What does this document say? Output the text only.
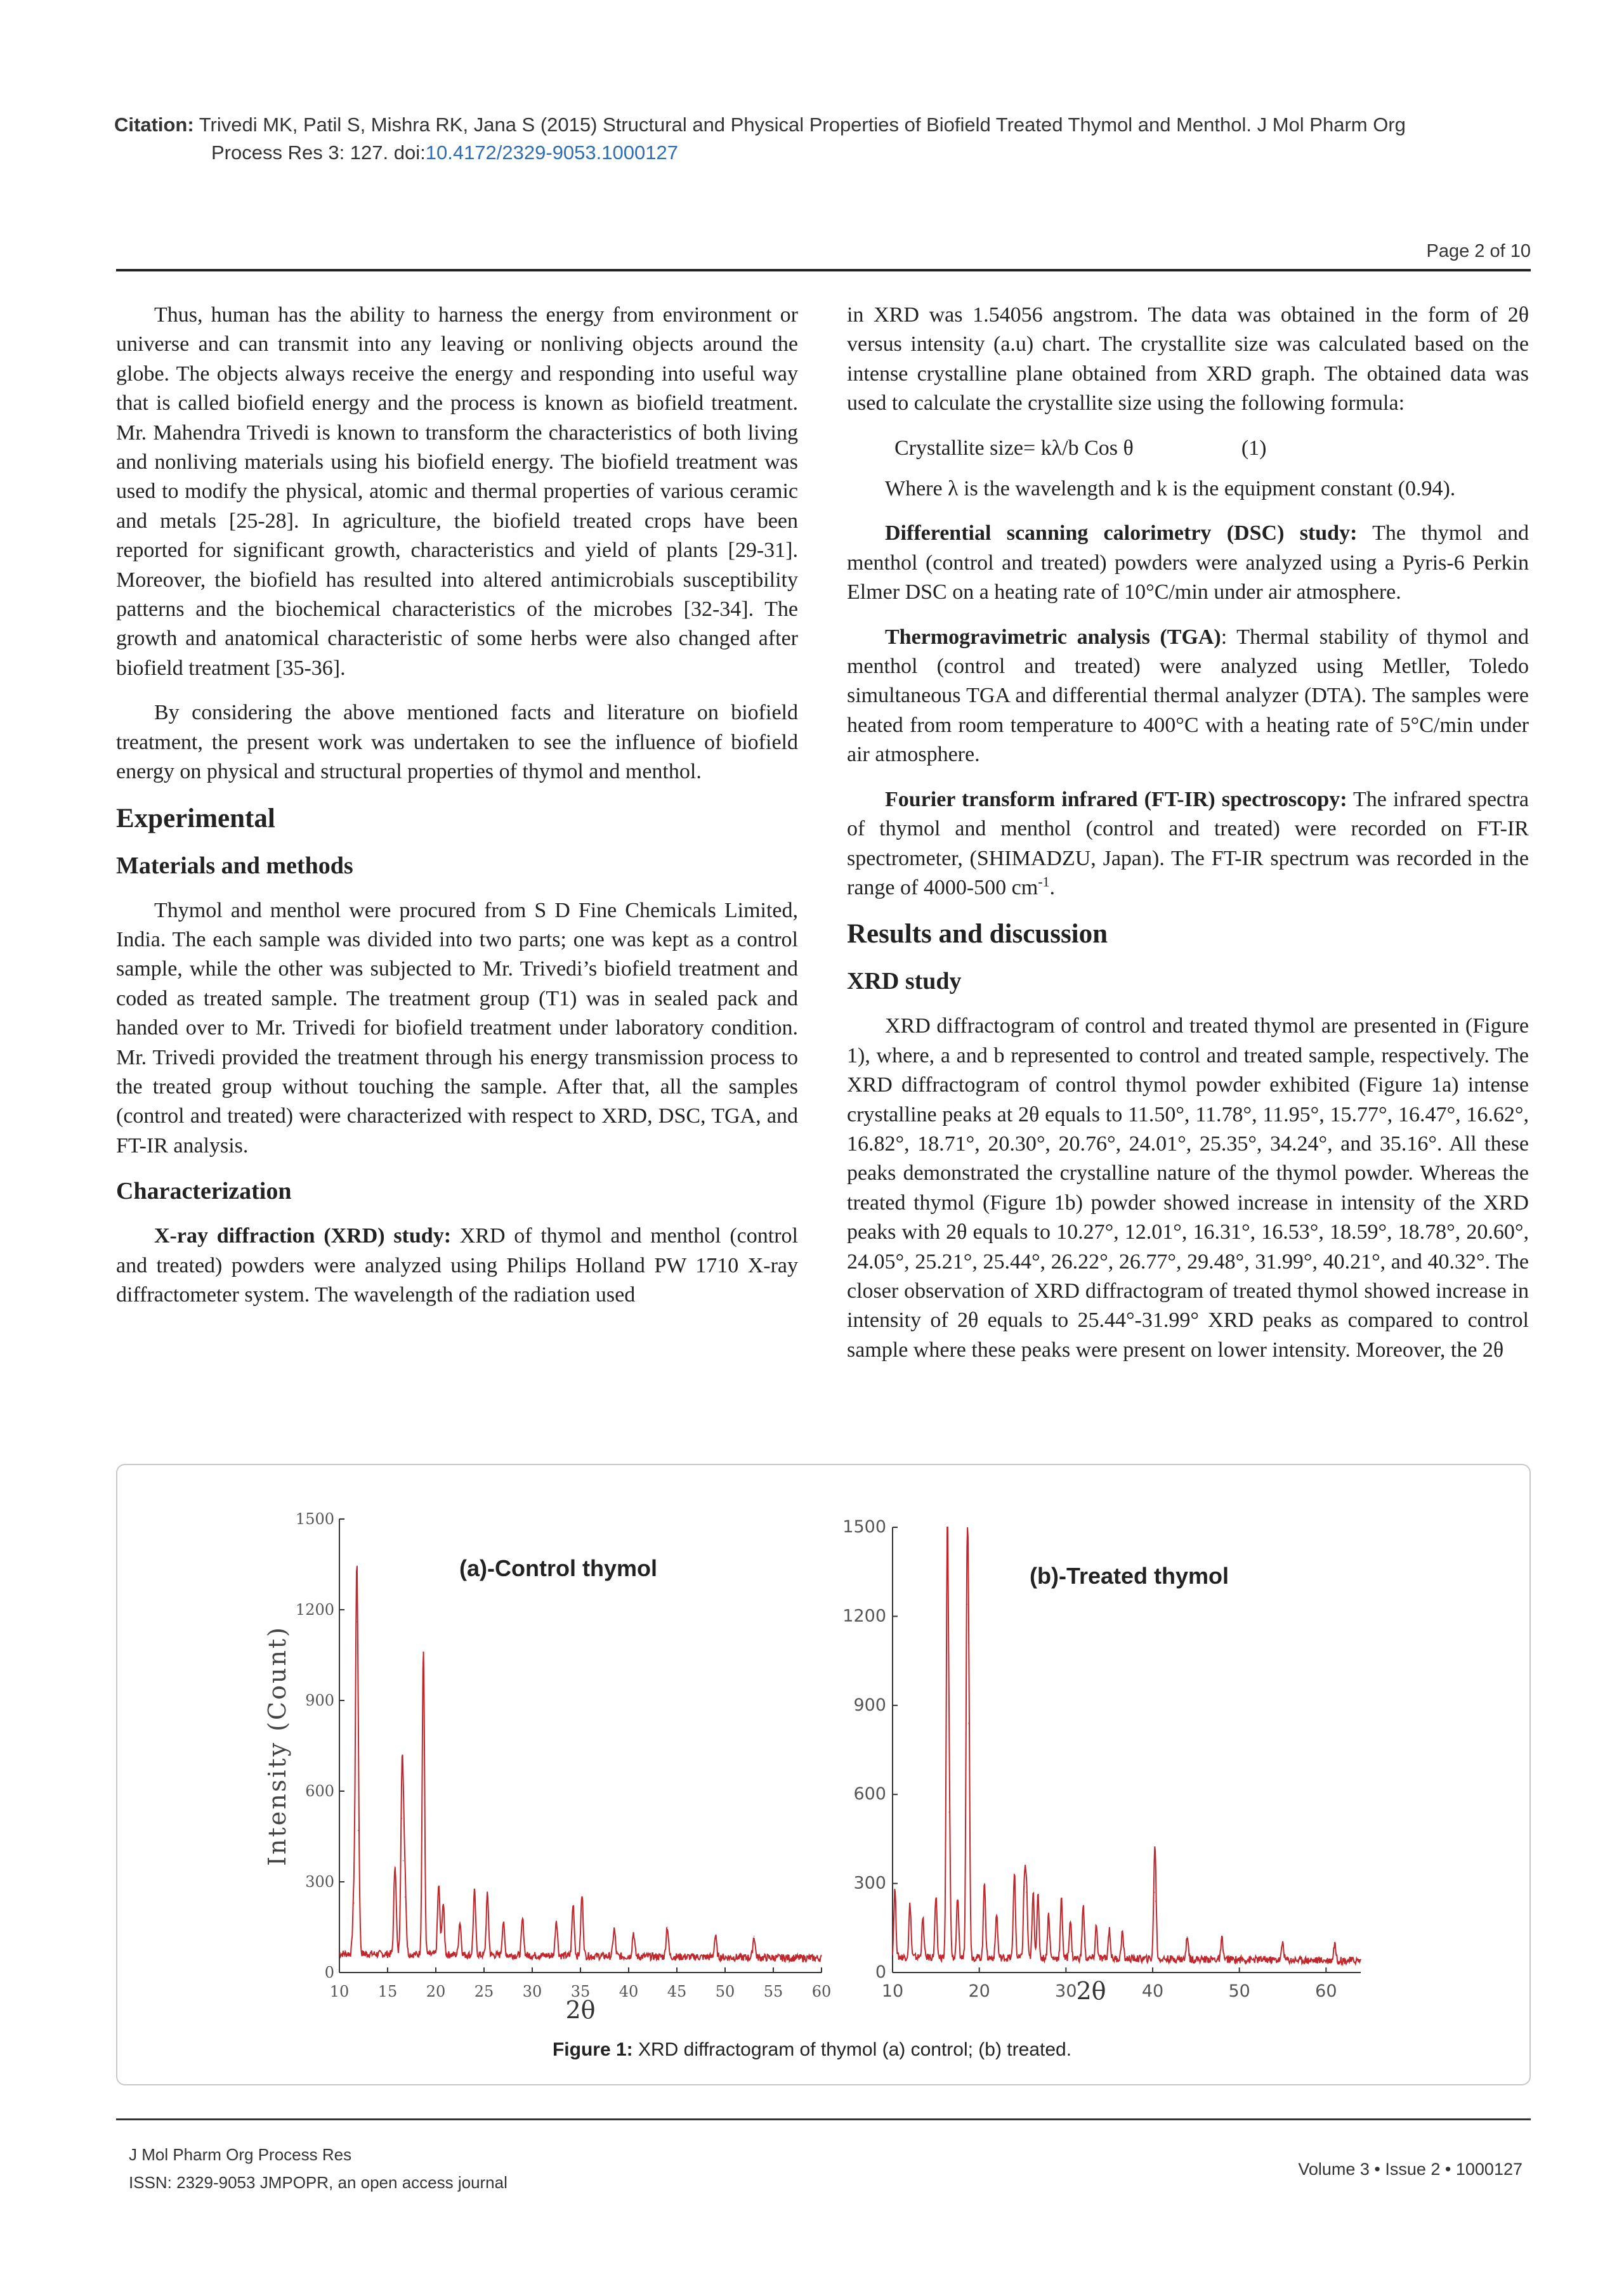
Citation: Trivedi MK, Patil S, Mishra RK, Jana S (2015) Structural and Physical Properties of Biofield Treated Thymol and Menthol. J Mol Pharm Org
Process Res 3: 127. doi:10.4172/2329-9053.1000127
Page 2 of 10

Thus, human has the ability to harness the energy from environment or universe and can transmit into any leaving or nonliving objects around the globe. The objects always receive the energy and responding into useful way that is called biofield energy and the process is known as biofield treatment. Mr. Mahendra Trivedi is known to transform the characteristics of both living and nonliving materials using his biofield energy. The biofield treatment was used to modify the physical, atomic and thermal properties of various ceramic and metals [25-28]. In agriculture, the biofield treated crops have been reported for significant growth, characteristics and yield of plants [29-31]. Moreover, the biofield has resulted into altered antimicrobials susceptibility patterns and the biochemical characteristics of the microbes [32-34]. The growth and anatomical characteristic of some herbs were also changed after biofield treatment [35-36].

By considering the above mentioned facts and literature on biofield treatment, the present work was undertaken to see the influence of biofield energy on physical and structural properties of thymol and menthol.

Experimental
Materials and methods

Thymol and menthol were procured from S D Fine Chemicals Limited, India. The each sample was divided into two parts; one was kept as a control sample, while the other was subjected to Mr. Trivedi’s biofield treatment and coded as treated sample. The treatment group (T1) was in sealed pack and handed over to Mr. Trivedi for biofield treatment under laboratory condition. Mr. Trivedi provided the treatment through his energy transmission process to the treated group without touching the sample. After that, all the samples (control and treated) were characterized with respect to XRD, DSC, TGA, and FT-IR analysis.

Characterization

X-ray diffraction (XRD) study: XRD of thymol and menthol (control and treated) powders were analyzed using Philips Holland PW 1710 X-ray diffractometer system. The wavelength of the radiation used

in XRD was 1.54056 angstrom. The data was obtained in the form of 2θ versus intensity (a.u) chart. The crystallite size was calculated based on the intense crystalline plane obtained from XRD graph. The obtained data was used to calculate the crystallite size using the following formula:

Crystallite size= kλ/b Cos θ	(1)

Where λ is the wavelength and k is the equipment constant (0.94).

Differential scanning calorimetry (DSC) study: The thymol and menthol (control and treated) powders were analyzed using a Pyris-6 Perkin Elmer DSC on a heating rate of 10°C/min under air atmosphere.

Thermogravimetric analysis (TGA): Thermal stability of thymol and menthol (control and treated) were analyzed using Metller, Toledo simultaneous TGA and differential thermal analyzer (DTA). The samples were heated from room temperature to 400°C with a heating rate of 5°C/min under air atmosphere.

Fourier transform infrared (FT-IR) spectroscopy: The infrared spectra of thymol and menthol (control and treated) were recorded on FT-IR spectrometer, (SHIMADZU, Japan). The FT-IR spectrum was recorded in the range of 4000-500 $cm^{-1}$.

Results and discussion
XRD study

XRD diffractogram of control and treated thymol are presented in (Figure 1), where, a and b represented to control and treated sample, respectively. The XRD diffractogram of control thymol powder exhibited (Figure 1a) intense crystalline peaks at 2θ equals to 11.50°, 11.78°, 11.95°, 15.77°, 16.47°, 16.62°, 16.82°, 18.71°, 20.30°, 20.76°, 24.01°, 25.35°, 34.24°, and 35.16°. All these peaks demonstrated the crystalline nature of the thymol powder. Whereas the treated thymol (Figure 1b) powder showed increase in intensity of the XRD peaks with 2θ equals to 10.27°, 12.01°, 16.31°, 16.53°, 18.59°, 18.78°, 20.60°, 24.05°, 25.21°, 25.44°, 26.22°, 26.77°, 29.48°, 31.99°, 40.21°, and 40.32°. The closer observation of XRD diffractogram of treated thymol showed increase in intensity of 2θ equals to 25.44°-31.99° XRD peaks as compared to control sample where these peaks were present on lower intensity. Moreover, the 2θ

0
300
600
900
1200
1500
10 15 20 25 30 35 40 45 50 55 60
2θ
Intensity (Count)
(a)-Control thymol
0
300
600
900
1200
1500
10	20	30	40	50	60
2θ
(b)-Treated thymol
Figure 1: XRD diffractogram of thymol (a) control; (b) treated.
J Mol Pharm Org Process Res
ISSN: 2329-9053 JMPOPR, an open access journal
Volume 3 • Issue 2 • 1000127
